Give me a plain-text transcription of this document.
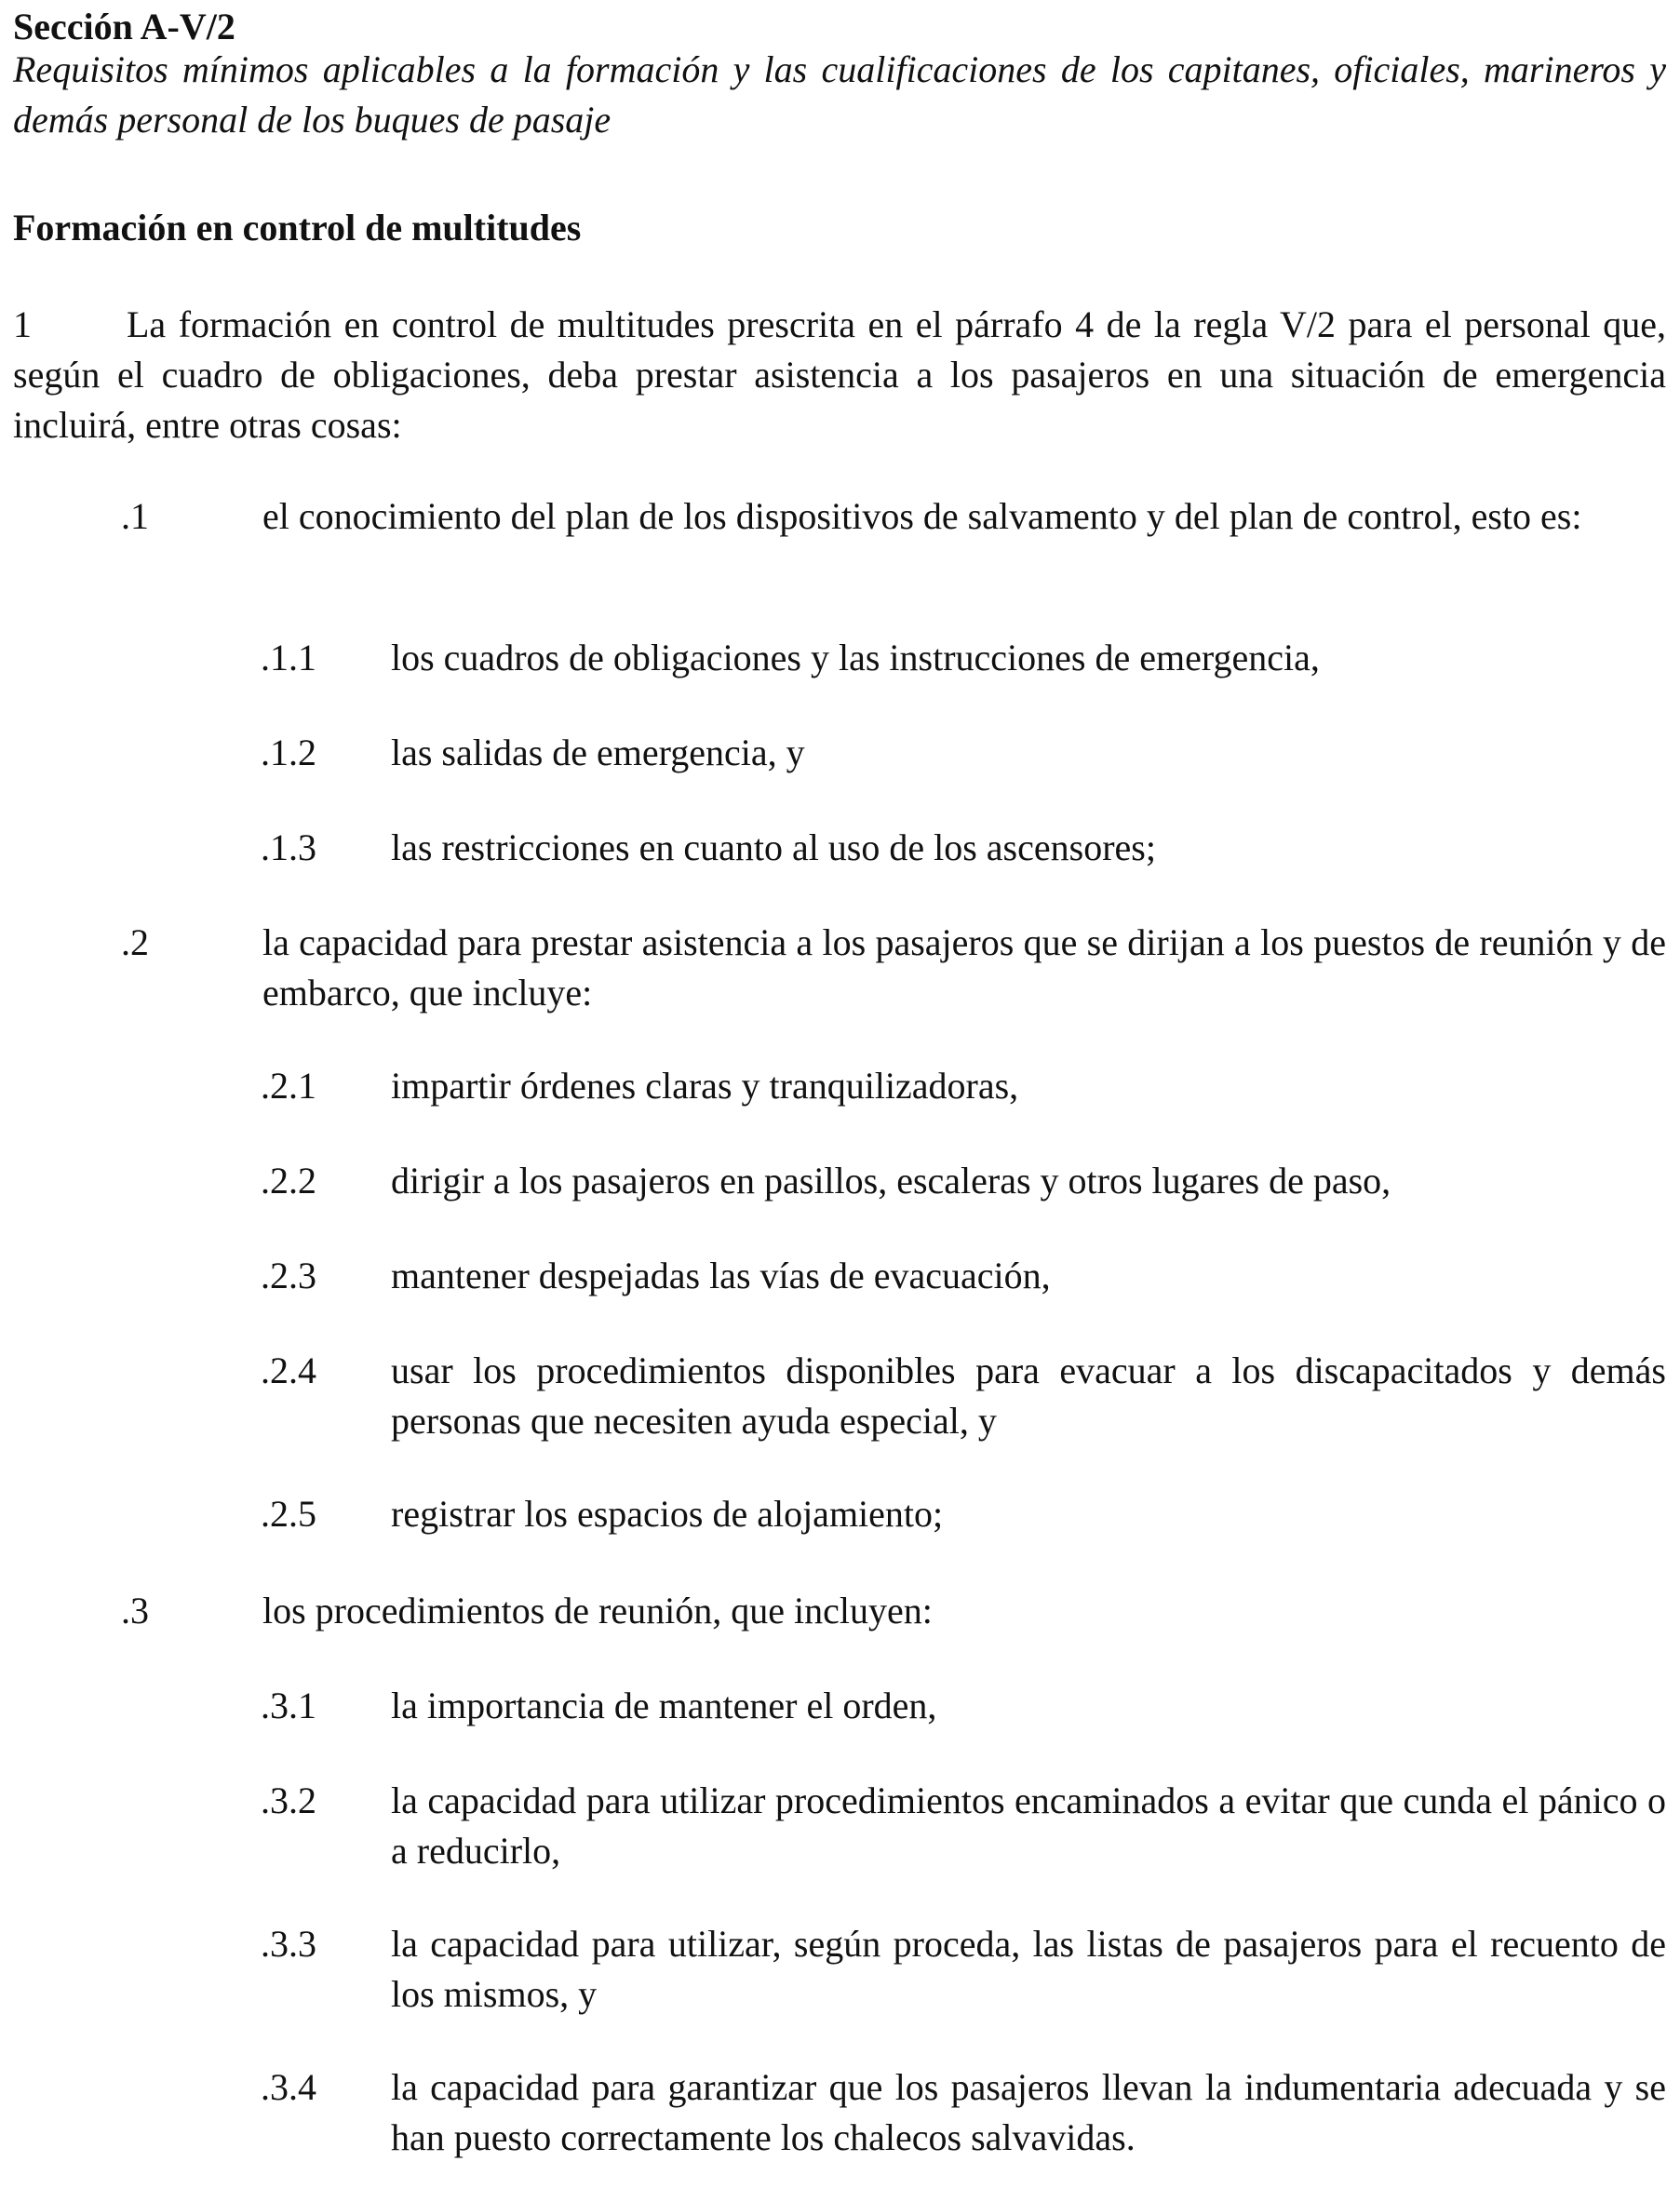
Sección A-V/2
Requisitos mínimos aplicables a la formación y las cualificaciones de los capitanes, oficiales, marineros y demás personal de los buques de pasaje
Formación en control de multitudes
1	La formación en control de multitudes prescrita en el párrafo 4 de la regla V/2 para el personal que, según el cuadro de obligaciones, deba prestar asistencia a los pasajeros en una situación de emergencia incluirá, entre otras cosas:
.1	el conocimiento del plan de los dispositivos de salvamento y del plan de control, esto es:
.1.1 los cuadros de obligaciones y las instrucciones de emergencia,
.1.2 las salidas de emergencia, y
.1.3 las restricciones en cuanto al uso de los ascensores;
.2	la capacidad para prestar asistencia a los pasajeros que se dirijan a los puestos de reunión y de embarco, que incluye:
.2.1 impartir órdenes claras y tranquilizadoras,
.2.2 dirigir a los pasajeros en pasillos, escaleras y otros lugares de paso,
.2.3 mantener despejadas las vías de evacuación,
.2.4 usar los procedimientos disponibles para evacuar a los discapacitados y demás personas que necesiten ayuda especial, y
.2.5 registrar los espacios de alojamiento;
.3	los procedimientos de reunión, que incluyen:
.3.1 la importancia de mantener el orden,
.3.2 la capacidad para utilizar procedimientos encaminados a evitar que cunda el pánico o a reducirlo,
.3.3 la capacidad para utilizar, según proceda, las listas de pasajeros para el recuento de los mismos, y
.3.4 la capacidad para garantizar que los pasajeros llevan la indumentaria adecuada y se han puesto correctamente los chalecos salvavidas.
